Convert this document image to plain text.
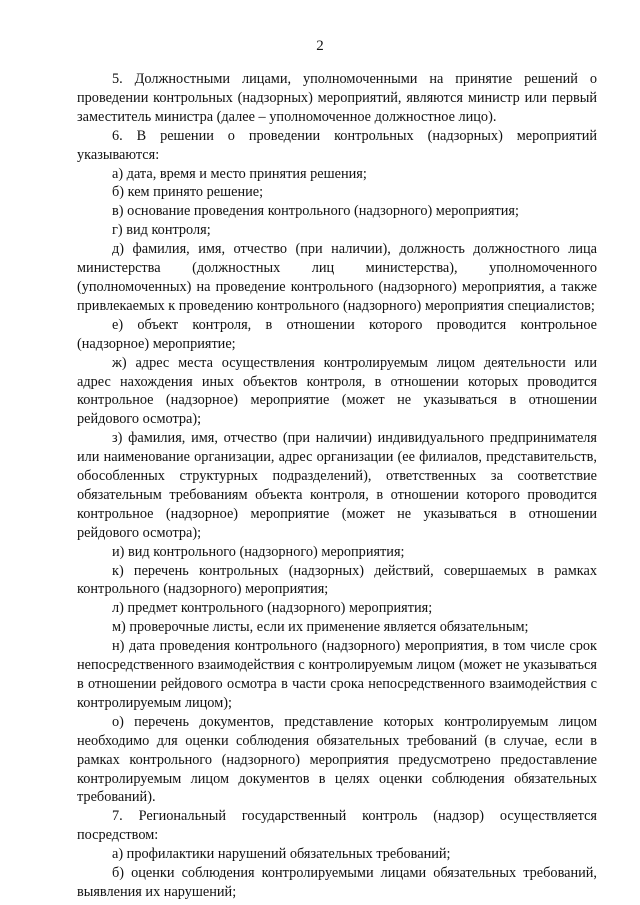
2

5. Должностными лицами, уполномоченными на принятие решений о проведении контрольных (надзорных) мероприятий, являются министр или первый заместитель министра (далее – уполномоченное должностное лицо).

6. В решении о проведении контрольных (надзорных) мероприятий указываются:

а) дата, время и место принятия решения;

б) кем принято решение;

в) основание проведения контрольного (надзорного) мероприятия;

г) вид контроля;

д) фамилия, имя, отчество (при наличии), должность должностного лица министерства (должностных лиц министерства), уполномоченного (уполномоченных) на проведение контрольного (надзорного) мероприятия, а также привлекаемых к проведению контрольного (надзорного) мероприятия специалистов;

е) объект контроля, в отношении которого проводится контрольное (надзорное) мероприятие;

ж) адрес места осуществления контролируемым лицом деятельности или адрес нахождения иных объектов контроля, в отношении которых проводится контрольное (надзорное) мероприятие (может не указываться в отношении рейдового осмотра);

з) фамилия, имя, отчество (при наличии) индивидуального предпринимателя или наименование организации, адрес организации (ее филиалов, представительств, обособленных структурных подразделений), ответственных за соответствие обязательным требованиям объекта контроля, в отношении которого проводится контрольное (надзорное) мероприятие (может не указываться в отношении рейдового осмотра);

и) вид контрольного (надзорного) мероприятия;

к) перечень контрольных (надзорных) действий, совершаемых в рамках контрольного (надзорного) мероприятия;

л) предмет контрольного (надзорного) мероприятия;

м) проверочные листы, если их применение является обязательным;

н) дата проведения контрольного (надзорного) мероприятия, в том числе срок непосредственного взаимодействия с контролируемым лицом (может не указываться в отношении рейдового осмотра в части срока непосредственного взаимодействия с контролируемым лицом);

о) перечень документов, представление которых контролируемым лицом необходимо для оценки соблюдения обязательных требований (в случае, если в рамках контрольного (надзорного) мероприятия предусмотрено предоставление контролируемым лицом документов в целях оценки соблюдения обязательных требований).

7. Региональный государственный контроль (надзор) осуществляется посредством:

а) профилактики нарушений обязательных требований;

б) оценки соблюдения контролируемыми лицами обязательных требований, выявления их нарушений;
